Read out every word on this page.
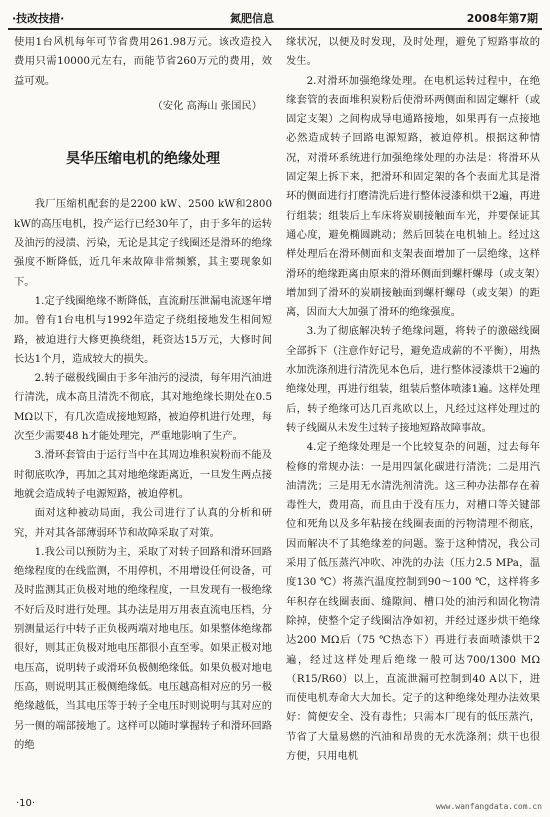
·技改技措·	氮肥信息	2008年第7期

使用1台风机每年可节省费用261.98万元。该改造投入费用只需10000元左右，而能节省260万元的费用，效益可观。

（安化 高海山 张国民）

昊华压缩电机的绝缘处理

我厂压缩机配套的是2200 kW、2500 kW和2800 kW的高压电机，投产运行已经30年了，由于多年的运转及油污的浸渍、污染，无论是其定子线圈还是滑环的绝缘强度不断降低，近几年来故障非常频繁，其主要现象如下。

1.定子线圈绝缘不断降低，直流耐压泄漏电流逐年增加。曾有1台电机与1992年造定子绕组接地发生相间短路，被迫进行大修更换绕组，耗资达15万元，大修时间长达1个月，造成较大的损失。

2.转子磁极线圈由于多年油污的浸渍，每年用汽油进行清洗，成本高且清洗不彻底，其对地绝缘长期处在0.5 MΩ以下，有几次造成接地短路，被迫停机进行处理，每次至少需要48 h才能处理完，严重地影响了生产。

3.滑环套管由于运行当中在其周边堆积炭粉而不能及时彻底吹净，再加之其对地绝缘距离近，一旦发生两点接地就会造成转子电源短路，被迫停机。

面对这种被动局面，我公司进行了认真的分析和研究，并对其各部薄弱环节和故障采取了对策。

1.我公司以预防为主，采取了对转子回路和滑环回路绝缘程度的在线监测，不用停机，不用增设任何设备，可及时监测其正负极对地的绝缘程度，一旦发现有一极绝缘不好后及时进行处理。其办法是用万用表直流电压档，分别测量运行中转子正负极两端对地电压。如果整体绝缘都很好，则其正负极对地电压都很小直至零。如果正极对地电压高，说明转子或滑环负极侧绝缘低。如果负极对地电压高，则说明其正极侧绝缘低。电压越高相对应的另一极绝缘越低，当其电压等于转子全电压时则说明与其对应的另一侧的端部接地了。这样可以随时掌握转子和滑环回路的绝

缘状况，以便及时发现，及时处理，避免了短路事故的发生。

2.对滑环加强绝缘处理。在电机运转过程中，在绝缘套管的表面堆积炭粉后使滑环两侧面和固定螺杆（或固定支架）之间构成导电通路接地，如果再有一点接地必然造成转子回路电源短路，被迫停机。根据这种情况，对滑环系统进行加强绝缘处理的办法是：将滑环从固定架上拆下来，把滑环和固定架的各个表面尤其是滑环的侧面进行打磨清洗后进行整体浸漆和烘干2遍，再进行组装；组装后上车床将炭刷接触面车光，并要保证其通心度，避免椭圆跳动；然后回装在电机轴上。经过这样处理后在滑环侧面和支架表面增加了一层绝缘，这样滑环的绝缘距离由原来的滑环侧面到螺杆螺母（或支架）增加到了滑环的炭刷接触面到螺杆螺母（或支架）的距离，因而大大加强了滑环的绝缘强度。

3.为了彻底解决转子绝缘问题，将转子的激磁线圈全部拆下（注意作好记号，避免造成薪的不平衡），用热水加洗涤剂进行清洗见本色后，进行整体浸漆烘干2遍的绝缘处理，再进行组装，组装后整体喷漆1遍。这样处理后，转子绝缘可达几百兆欧以上，凡经过这样处理过的转子线圈从未发生过转子接地短路故障事故。

4.定子绝缘处理是一个比较复杂的问题，过去每年检修的常规办法：一是用四氯化碳进行清洗；二是用汽油清洗；三是用无水清洗剂清洗。这三种办法都存在着毒性大，费用高，而且由于没有压力，对槽口等关键部位和死角以及多年粘接在线圈表面的污物清理不彻底，因而解决不了其绝缘差的问题。鉴于这种情况，我公司采用了低压蒸汽冲吹、冲洗的办法（压力2.5 MPa，温度130 ℃）将蒸汽温度控制到90～100 ℃，这样将多年积存在线圈表面、缝隙间、槽口处的油污和固化物清除掉，使整个定子线圈洁净如初，并经过逐步烘干绝缘达200 MΩ后（75 ℃热态下）再进行表面喷漆烘干2遍，经过这样处理后绝缘一般可达700/1300 MΩ（R15/R60）以上，直流泄漏可控制到40 A以下，进而使电机寿命大大加长。定子的这种绝缘处理办法效果好：简便安全、没有毒性；只需本厂现有的低压蒸汽，节省了大量易燃的汽油和昂贵的无水洗涤剂；烘干也很方便，只用电机

·10·	www.wanfangdata.com.cn
